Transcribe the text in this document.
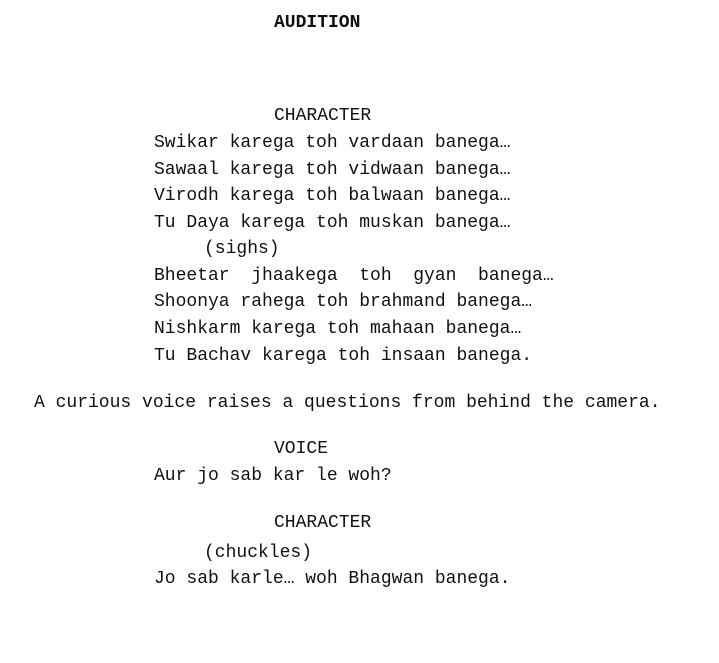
AUDITION

CHARACTER

Swikar karega toh vardaan banega…

Sawaal karega toh vidwaan banega…

Virodh karega toh balwaan banega…

Tu Daya karega toh muskan banega…

(sighs)

Bheetar  jhaakega  toh  gyan  banega…

Shoonya rahega toh brahmand banega…

Nishkarm karega toh mahaan banega…

Tu Bachav karega toh insaan banega.

A curious voice raises a questions from behind the camera.

VOICE

Aur jo sab kar le woh?

CHARACTER

(chuckles)

Jo sab karle… woh Bhagwan banega.
